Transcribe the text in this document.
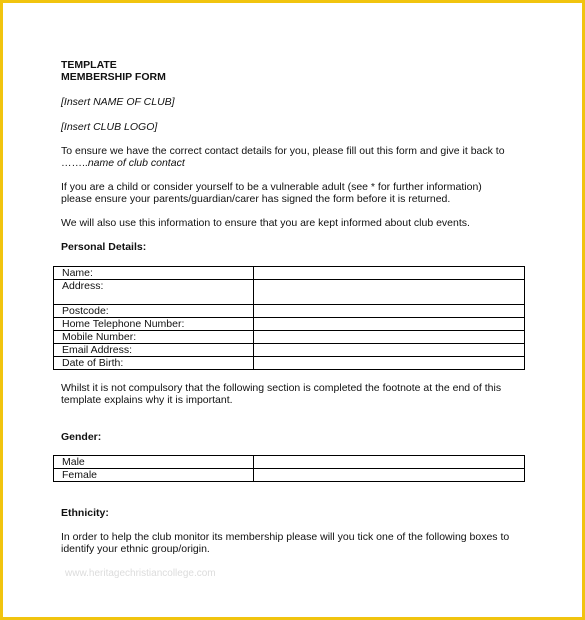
TEMPLATE
MEMBERSHIP FORM
[Insert NAME OF CLUB]
[Insert CLUB LOGO]
To ensure we have the correct contact details for you, please fill out this form and give it back to
……..name of club contact
If you are a child or consider yourself to be a vulnerable adult (see * for further information)
please ensure your parents/guardian/carer has signed the form before it is returned.
We will also use this information to ensure that you are kept informed about club events.
Personal Details:
Name:	
Address:	
Postcode:	
Home Telephone Number:	
Mobile Number:	
Email Address:	
Date of Birth:	
Whilst it is not compulsory that the following section is completed the footnote at the end of this
template explains why it is important.
Gender:
Male	
Female	
Ethnicity:
In order to help the club monitor its membership please will you tick one of the following boxes to
identify your ethnic group/origin.
www.heritagechristiancollege.com
